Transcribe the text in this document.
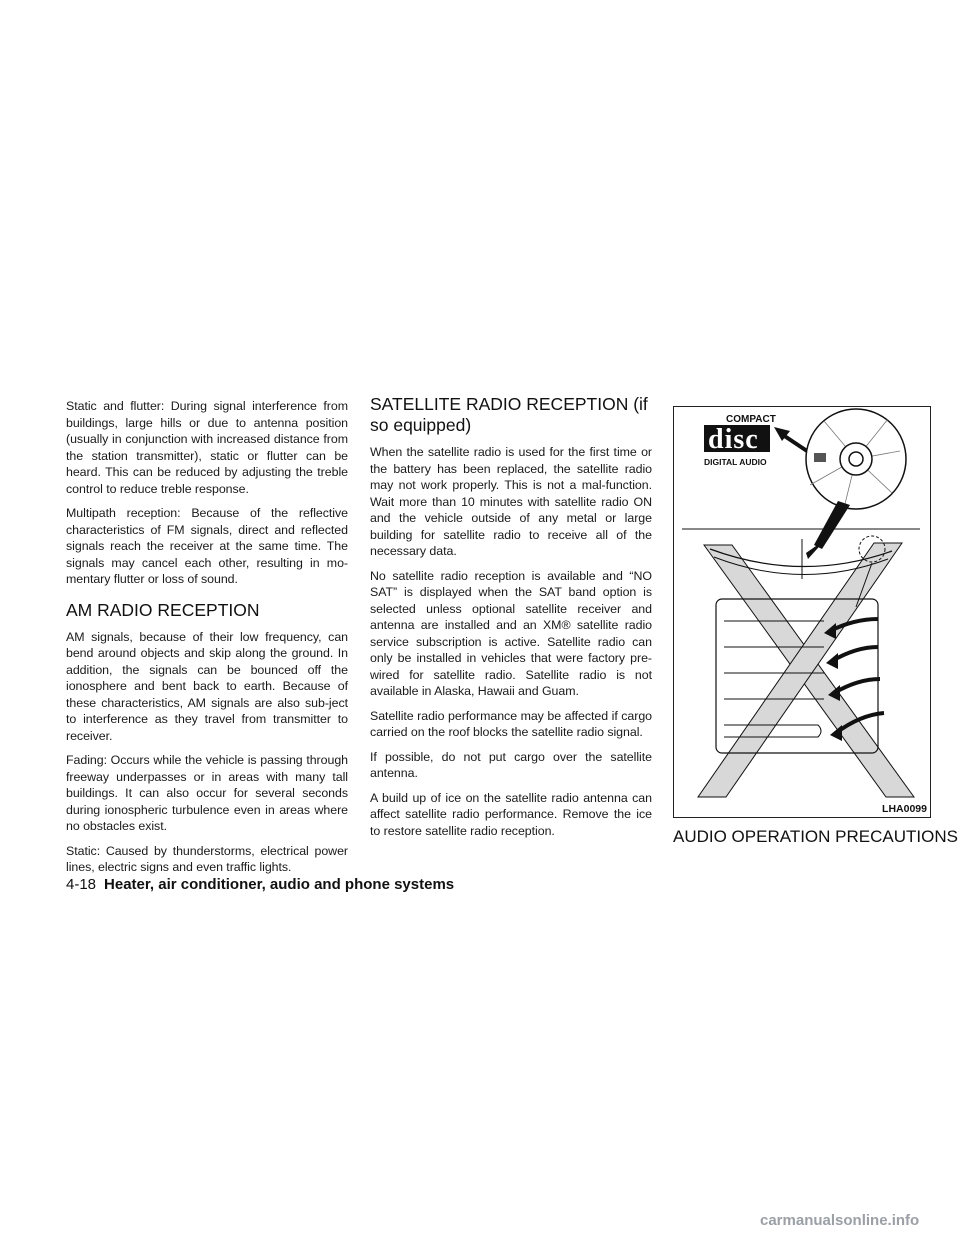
Static and flutter: During signal interference from buildings, large hills or due to antenna position (usually in conjunction with increased distance from the station transmitter), static or flutter can be heard. This can be reduced by adjusting the treble control to reduce treble response.

Multipath reception: Because of the reflective characteristics of FM signals, direct and reflected signals reach the receiver at the same time. The signals may cancel each other, resulting in mo-mentary flutter or loss of sound.

AM RADIO RECEPTION

AM signals, because of their low frequency, can bend around objects and skip along the ground. In addition, the signals can be bounced off the ionosphere and bent back to earth. Because of these characteristics, AM signals are also sub-ject to interference as they travel from transmitter to receiver.

Fading: Occurs while the vehicle is passing through freeway underpasses or in areas with many tall buildings. It can also occur for several seconds during ionospheric turbulence even in areas where no obstacles exist.

Static: Caused by thunderstorms, electrical power lines, electric signs and even traffic lights.

SATELLITE RADIO RECEPTION (if so equipped)

When the satellite radio is used for the first time or the battery has been replaced, the satellite radio may not work properly. This is not a mal-function. Wait more than 10 minutes with satellite radio ON and the vehicle outside of any metal or large building for satellite radio to receive all of the necessary data.

No satellite radio reception is available and “NO SAT” is displayed when the SAT band option is selected unless optional satellite receiver and antenna are installed and an XM® satellite radio service subscription is active. Satellite radio can only be installed in vehicles that were factory pre-wired for satellite radio. Satellite radio is not available in Alaska, Hawaii and Guam.

Satellite radio performance may be affected if cargo carried on the roof blocks the satellite radio signal.

If possible, do not put cargo over the satellite antenna.

A build up of ice on the satellite radio antenna can affect satellite radio performance. Remove the ice to restore satellite radio reception.

COMPACT
disc
DIGITAL AUDIO
LHA0099
AUDIO OPERATION PRECAUTIONS
4-18 Heater, air conditioner, audio and phone systems
carmanualsonline.info
